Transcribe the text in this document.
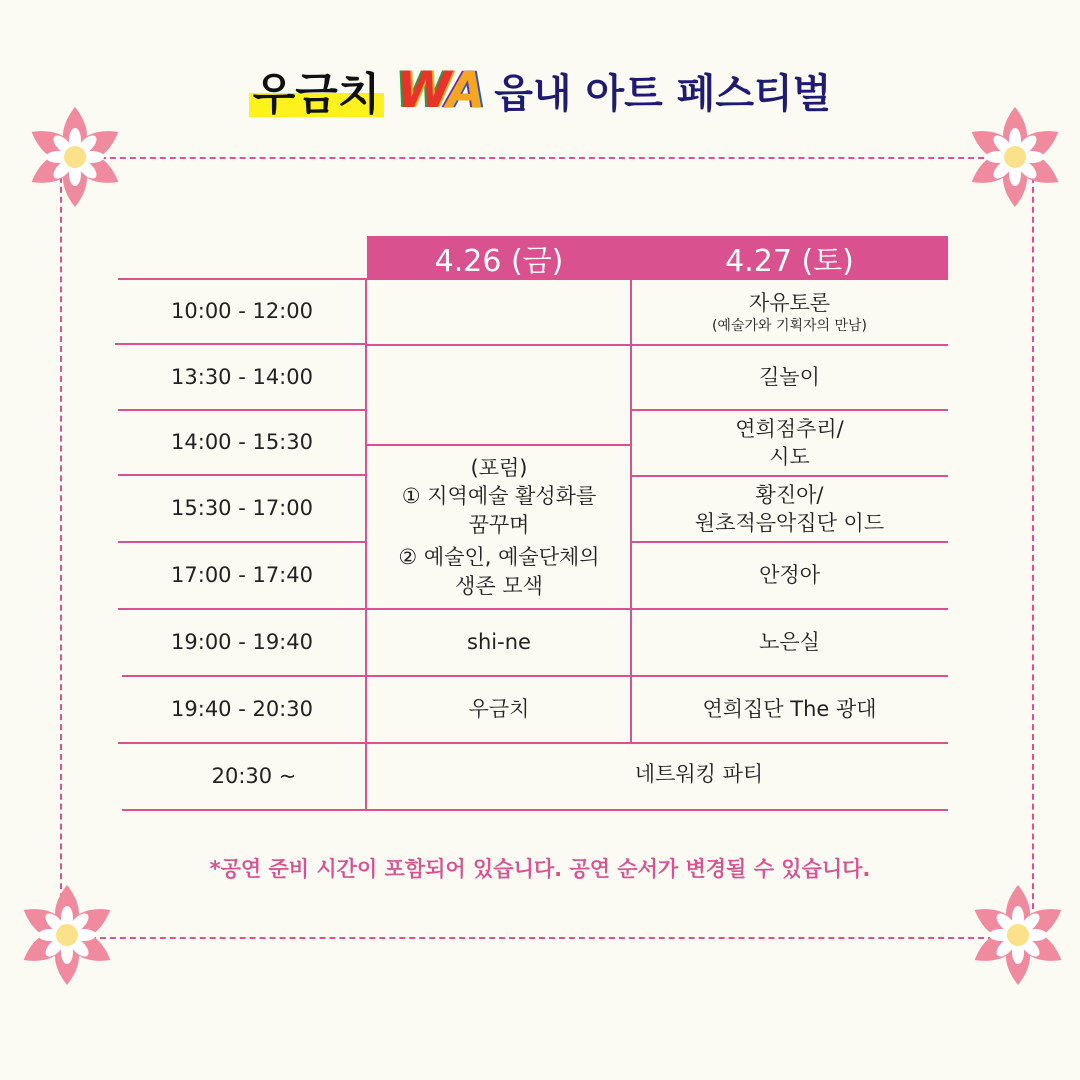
우금치 WA 읍내 아트 페스티벌
4.26 (금)	4.27 (토)
10:00 - 12:00
13:30 - 14:00
14:00 - 15:30
15:30 - 17:00
17:00 - 17:40
19:00 - 19:40
19:40 - 20:30
20:30 ~
(포럼)
① 지역예술 활성화를
꿈꾸며
② 예술인, 예술단체의
생존 모색
shi-ne
우금치
자유토론
(예술가와 기획자의 만남)
길놀이
연희점추리/
시도
황진아/
원초적음악집단 이드
안정아
노은실
연희집단 The 광대
네트워킹 파티
*공연 준비 시간이 포함되어 있습니다. 공연 순서가 변경될 수 있습니다.
